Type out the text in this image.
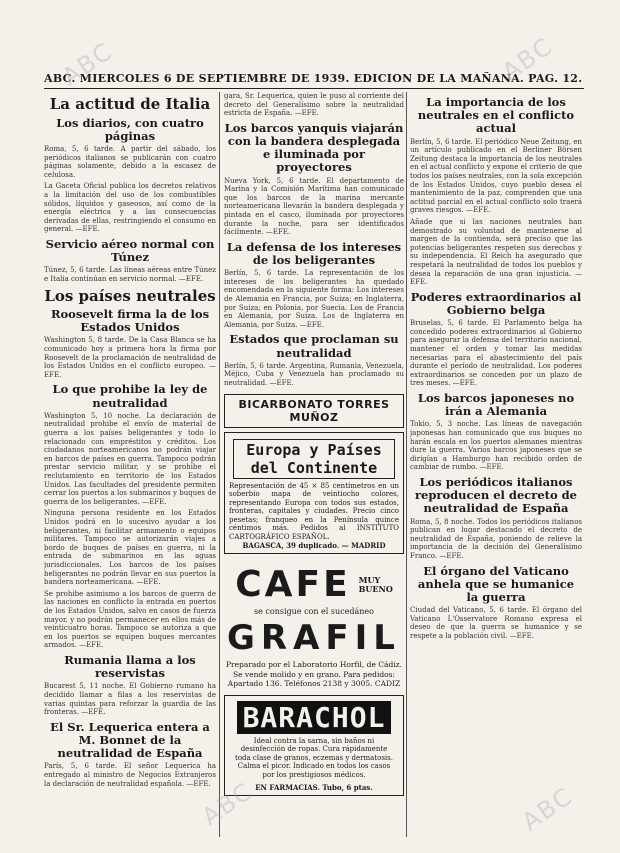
ABC. MIERCOLES 6 DE SEPTIEMBRE DE 1939. EDICION DE LA MAÑANA. PAG. 12.
La actitud de Italia
Los diarios, con cuatro páginas

Roma, 5, 6 tarde. A partir del sábado, los periódicos italianos se publicarán con cuatro páginas solamente, debido a la escasez de celulosa.

La Gaceta Oficial publica los decretos relativos a la limitación del uso de los combustibles sólidos, líquidos y gaseosos, así como de la energía eléctrica y a las consecuencias derivadas de ellas, restringiendo el consumo en general. —EFE.

Servicio aéreo normal con Túnez

Túnez, 5, 6 tarde. Las líneas aéreas entre Túnez e Italia continúan en servicio normal. —EFE.

Los países neutrales
Roosevelt firma la de los Estados Unidos

Washington 5, 8 tarde. De la Casa Blanca se ha comunicado hoy a primera hora la firma por Roosevelt de la proclamación de neutralidad de los Estados Unidos en el conflicto europeo. —EFE.

Lo que prohibe la ley de neutralidad

Washington 5, 10 noche. La declaración de neutralidad prohibe el envío de material de guerra a los países beligerantes y todo lo relacionado con empréstitos y créditos. Los ciudadanos norteamericanos no podrán viajar en barcos de países en guerra. Tampoco podrán prestar servicio militar, y se prohibe el reclutamiento en territorio de los Estados Unidos. Las facultades del presidente permiten cerrar los puertos a los submarinos y buques de guerra de los beligerantes. —EFE.

Ninguna persona residente en los Estados Unidos podrá en lo sucesivo ayudar a los beligerantes, ni facilitar armamento o equipos militares. Tampoco se autorizarán viajes a bordo de buques de países en guerra, ni la entrada de submarinos en las aguas jurisdiccionales. Los barcos de los países beligerantes no podrán llevar en sus puertos la bandera norteamericana. —EFE.

Se prohibe asimismo a los barcos de guerra de las naciones en conflicto la entrada en puertos de los Estados Unidos, salvo en casos de fuerza mayor, y no podrán permanecer en ellos más de veinticuatro horas. Tampoco se autoriza a que en los puertos se equipen buques mercantes armados. —EFE.

Rumania llama a los reservistas

Bucarest 5, 11 noche. El Gobierno rumano ha decidido llamar a filas a los reservistas de varias quintas para reforzar la guardia de las fronteras. —EFE.

El Sr. Lequerica entera a M. Bonnet de la neutralidad de España

París, 5, 6 tarde. El señor Lequerica ha entregado al ministro de Negocios Extranjeros la declaración de neutralidad española. —EFE.

gara, Sr. Lequerica, quien le puso al corriente del decreto del Generalísimo sobre la neutralidad estricta de España. —EFE.

Los barcos yanquis viajarán con la bandera desplegada e iluminada por proyectores

Nueva York, 5, 6 tarde. El departamento de Marina y la Comisión Marítima han comunicado que los barcos de la marina mercante norteamericana llevarán la bandera desplegada y pintada en el casco, iluminada por proyectores durante la noche, para ser identificados fácilmente. —EFE.

La defensa de los intereses de los beligerantes

Berlín, 5, 6 tarde. La representación de los intereses de los beligerantes ha quedado encomendada en la siguiente forma: Los intereses de Alemania en Francia, por Suiza; en Inglaterra, por Suiza; en Polonia, por Suecia. Los de Francia en Alemania, por Suiza. Los de Inglaterra en Alemania, por Suiza. —EFE.

Estados que proclaman su neutralidad

Berlín, 5, 6 tarde. Argentina, Rumania, Venezuela, Méjico, Cuba y Venezuela han proclamado su neutralidad. —EFE.

BICARBONATO TORRES MUÑOZ
Europa y Países del Continente
Representación de 45 × 85 centímetros en un soberbio mapa de veintiocho colores, representando Europa con todos sus estados, fronteras, capitales y ciudades. Precio cinco pesetas; franqueo en la Península quince céntimos más. Pedidos al INSTITUTO CARTOGRÁFICO ESPAÑOL.
BAGASCA, 39 duplicado. — MADRID
CAFE MUY
BUENO
se consigue con el sucedáneo
GRAFIL
Preparado por el Laboratorio Horfil, de Cádiz. Se vende molido y en grano. Para pedidos: Apartado 136. Teléfonos 2138 y 3005. CADIZ
BARACHOL
Ideal contra la sarna, sin baños ni desinfección de ropas. Cura rápidamente toda clase de granos, eczemas y dermatosis. Calma el picor. Indicado en todos los casos por los prestigiosos médicos.
EN FARMACIAS. Tubo, 6 ptas.
La importancia de los neutrales en el conflicto actual

Berlín, 5, 6 tarde. El periódico Neue Zeitung, en un artículo publicado en el Berliner Börsen Zeitung destaca la importancia de los neutrales en el actual conflicto y expone el criterio de que todos los países neutrales, con la sola excepción de los Estados Unidos, cuyo pueblo desea el mantenimiento de la paz, comprenden que una actitud parcial en el actual conflicto solo traerá graves riesgos. —EFE.

Añade que si las naciones neutrales han demostrado su voluntad de mantenerse al margen de la contienda, será preciso que las potencias beligerantes respeten sus derechos y su independencia. El Reich ha asegurado que respetará la neutralidad de todos los pueblos y desea la reparación de una gran injusticia. —EFE.

Poderes extraordinarios al Gobierno belga

Bruselas, 5, 6 tarde. El Parlamento belga ha concedido poderes extraordinarios al Gobierno para asegurar la defensa del territorio nacional, mantener el orden y tomar las medidas necesarias para el abastecimiento del país durante el período de neutralidad. Los poderes extraordinarios se conceden por un plazo de tres meses. —EFE.

Los barcos japoneses no irán a Alemania

Tokio, 5, 3 noche. Las líneas de navegación japonesas han comunicado que sus buques no harán escala en los puertos alemanes mientras dure la guerra. Varios barcos japoneses que se dirigían a Hamburgo han recibido orden de cambiar de rumbo. —EFE.

Los periódicos italianos reproducen el decreto de neutralidad de España

Roma, 5, 8 noche. Todos los periódicos italianos publican en lugar destacado el decreto de neutralidad de España, poniendo de relieve la importancia de la decisión del Generalísimo Franco. —EFE.

El órgano del Vaticano anhela que se humanice la guerra

Ciudad del Vaticano, 5, 6 tarde. El órgano del Vaticano L'Osservatore Romano expresa el deseo de que la guerra se humanice y se respete a la población civil. —EFE.

ABC	ABC
ABC	ABC
